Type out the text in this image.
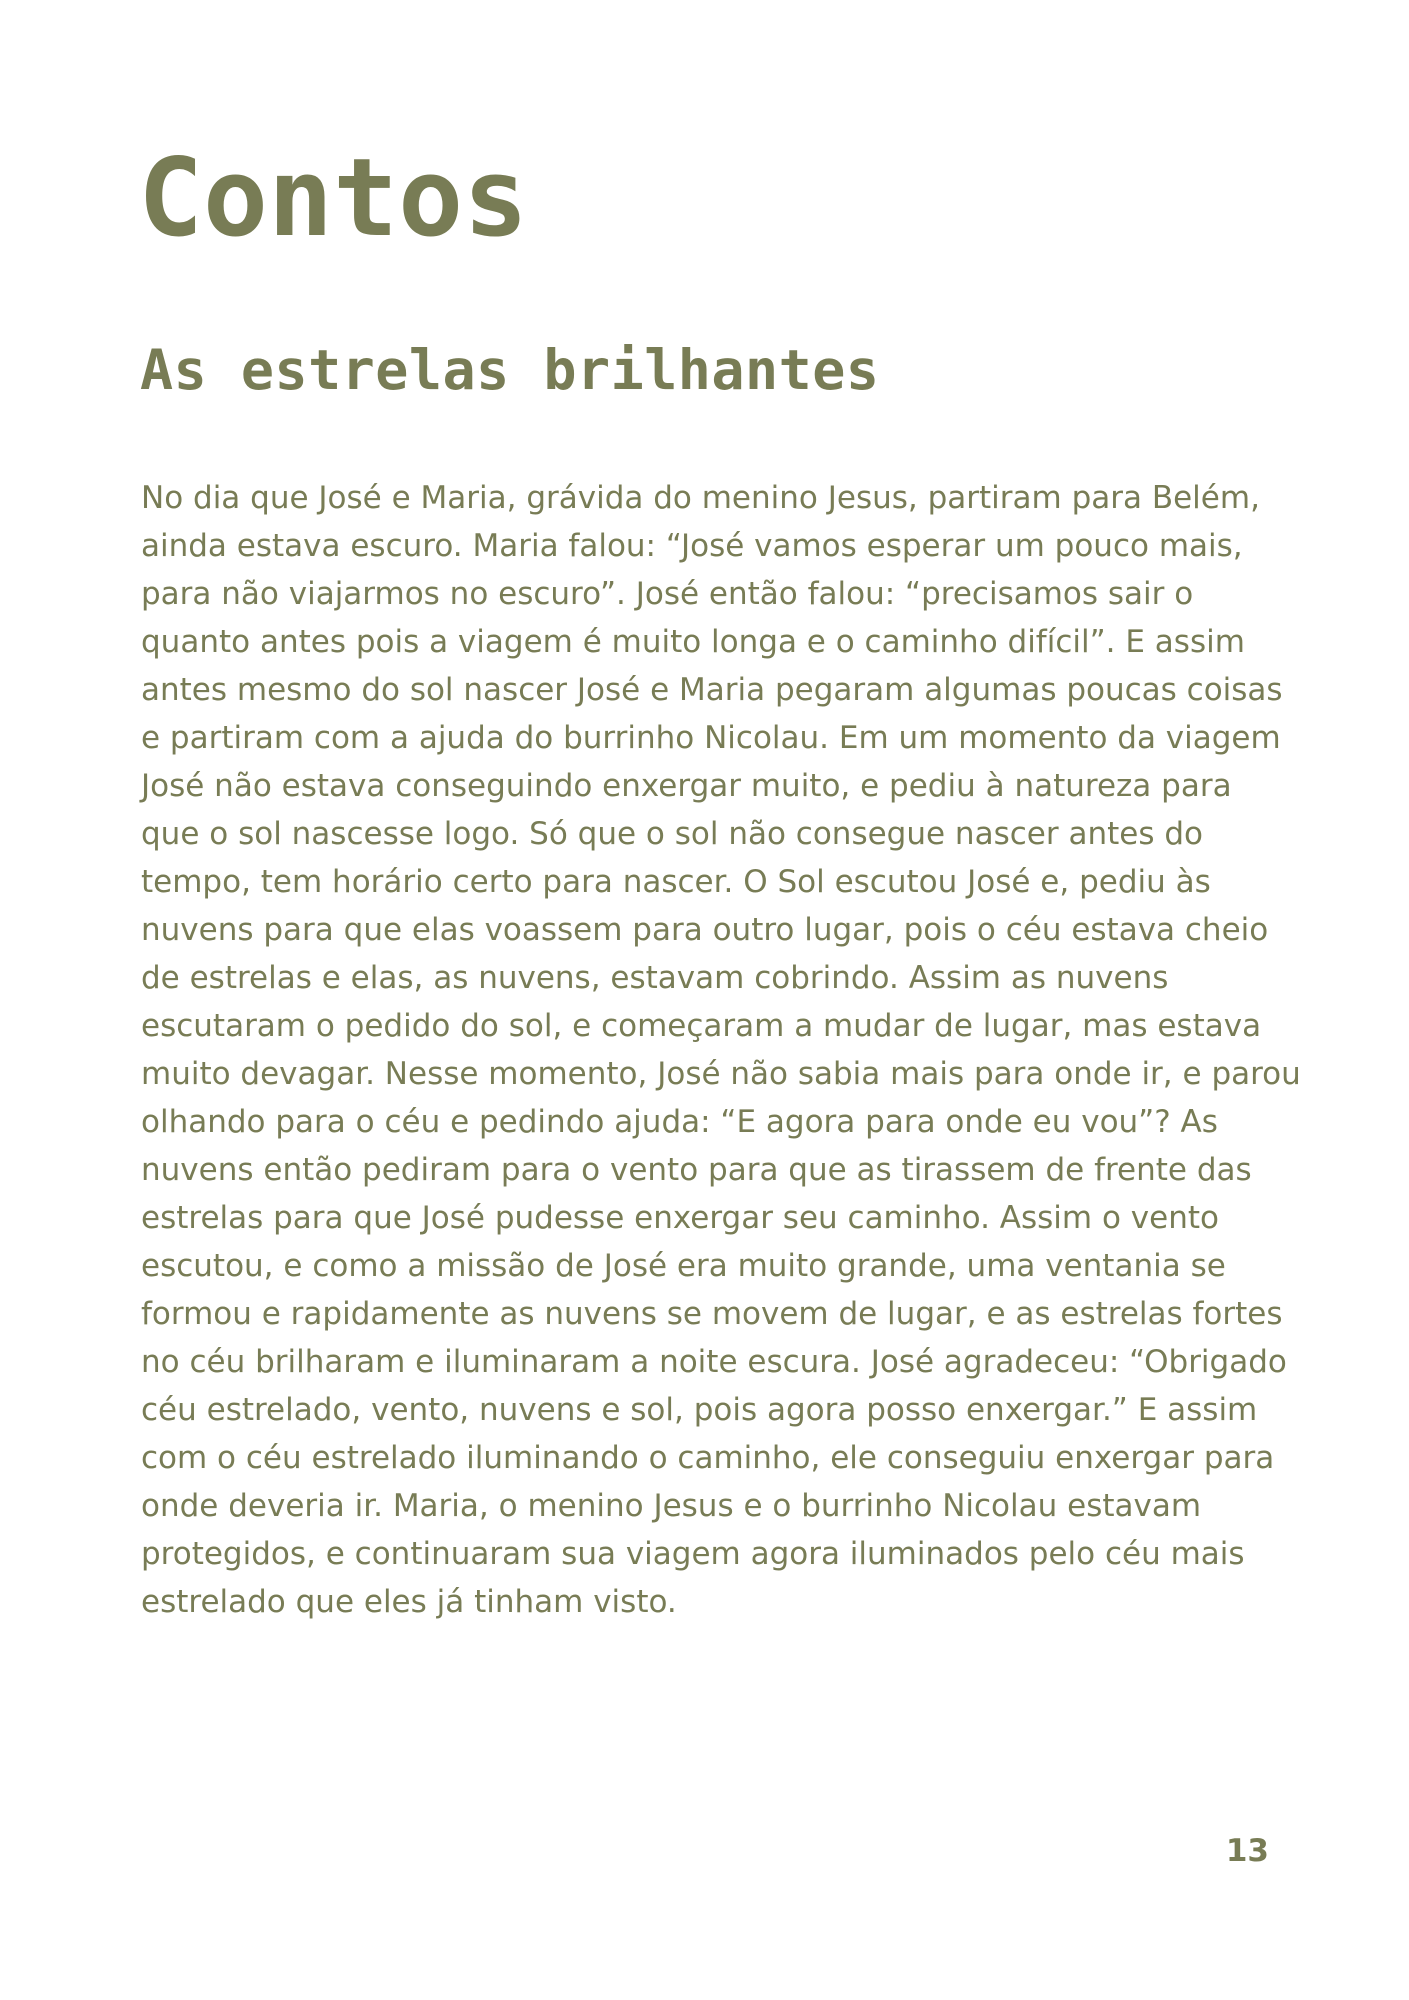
Contos
As estrelas brilhantes
No dia que José e Maria, grávida do menino Jesus, partiram para Belém,
ainda estava escuro. Maria falou: “José vamos esperar um pouco mais,
para não viajarmos no escuro”. José então falou: “precisamos sair o
quanto antes pois a viagem é muito longa e o caminho difícil”. E assim
antes mesmo do sol nascer José e Maria pegaram algumas poucas coisas
e partiram com a ajuda do burrinho Nicolau. Em um momento da viagem
José não estava conseguindo enxergar muito, e pediu à natureza para
que o sol nascesse logo. Só que o sol não consegue nascer antes do
tempo, tem horário certo para nascer. O Sol escutou José e, pediu às
nuvens para que elas voassem para outro lugar, pois o céu estava cheio
de estrelas e elas, as nuvens, estavam cobrindo. Assim as nuvens
escutaram o pedido do sol, e começaram a mudar de lugar, mas estava
muito devagar. Nesse momento, José não sabia mais para onde ir, e parou
olhando para o céu e pedindo ajuda: “E agora para onde eu vou”? As
nuvens então pediram para o vento para que as tirassem de frente das
estrelas para que José pudesse enxergar seu caminho. Assim o vento
escutou, e como a missão de José era muito grande, uma ventania se
formou e rapidamente as nuvens se movem de lugar, e as estrelas fortes
no céu brilharam e iluminaram a noite escura. José agradeceu: “Obrigado
céu estrelado, vento, nuvens e sol, pois agora posso enxergar.” E assim
com o céu estrelado iluminando o caminho, ele conseguiu enxergar para
onde deveria ir. Maria, o menino Jesus e o burrinho Nicolau estavam
protegidos, e continuaram sua viagem agora iluminados pelo céu mais
estrelado que eles já tinham visto.
13
